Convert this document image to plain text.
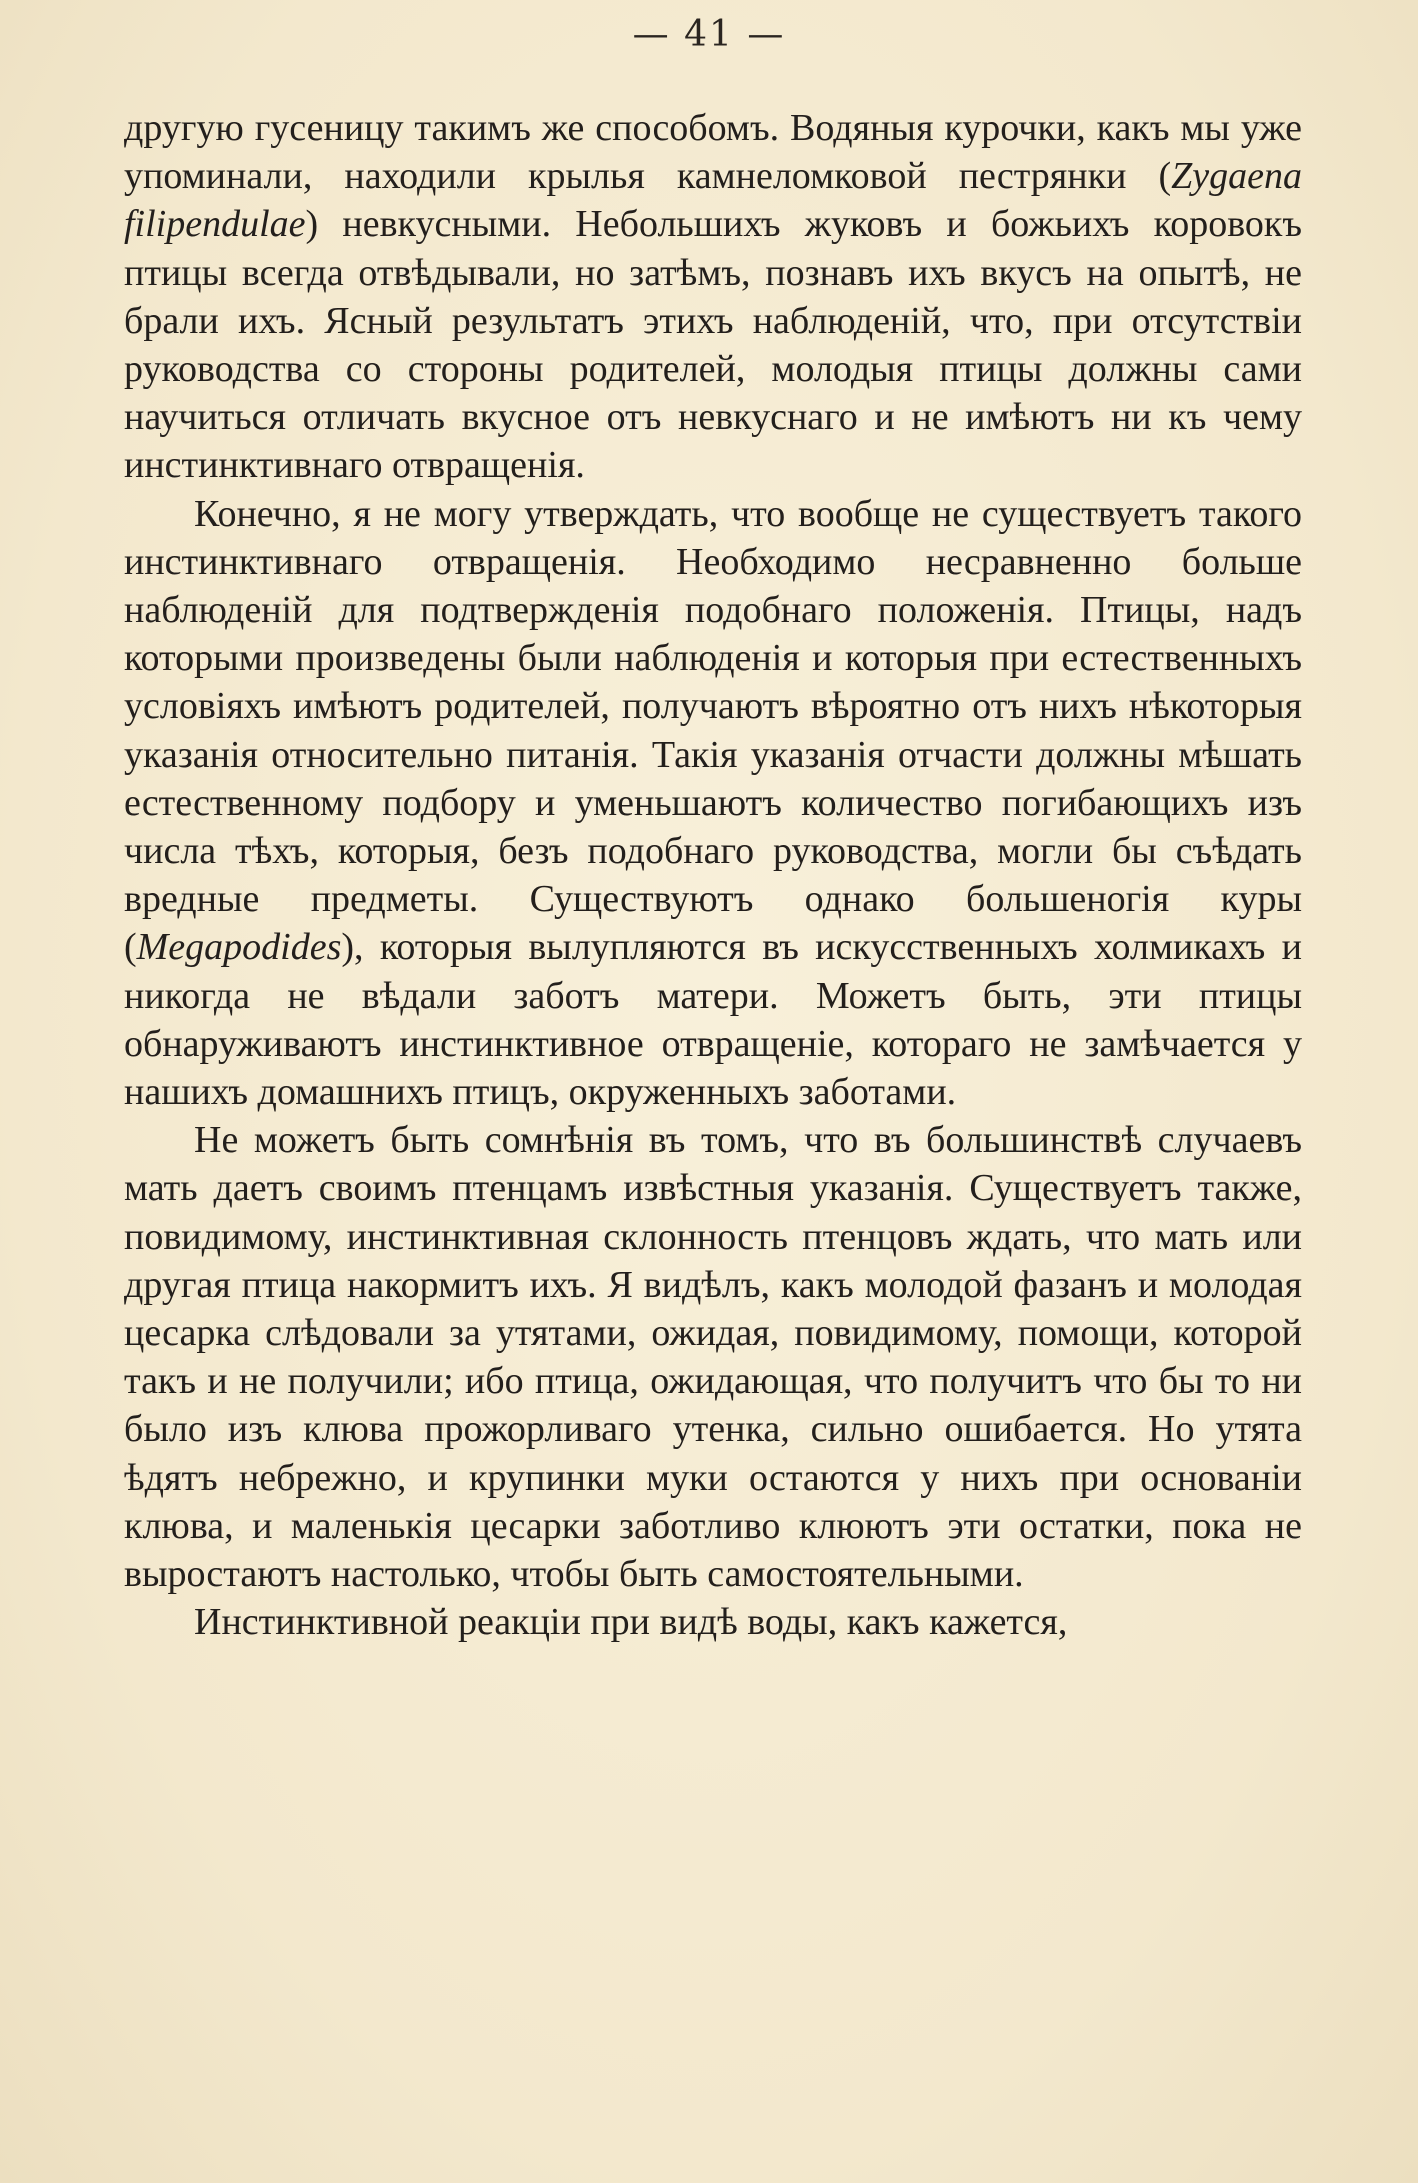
— 41 —

другую гусеницу такимъ же способомъ. Водяныя курочки, какъ мы уже упоминали, находили крылья камнеломковой пестрянки (Zygaena filipendulae) невкусными. Небольшихъ жуковъ и божьихъ коровокъ птицы всегда отвѣдывали, но затѣмъ, познавъ ихъ вкусъ на опытѣ, не брали ихъ. Ясный результатъ этихъ наблюденій, что, при отсутствіи руководства со стороны родителей, молодыя птицы должны сами научиться отличать вкусное отъ невкуснаго и не имѣютъ ни къ чему инстинктивнаго отвращенія.

Конечно, я не могу утверждать, что вообще не существуетъ такого инстинктивнаго отвращенія. Необходимо несравненно больше наблюденій для подтвержденія подобнаго положенія. Птицы, надъ которыми произведены были наблюденія и которыя при естественныхъ условіяхъ имѣютъ родителей, получаютъ вѣроятно отъ нихъ нѣкоторыя указанія относительно питанія. Такія указанія отчасти должны мѣшать естественному подбору и уменьшаютъ количество погибающихъ изъ числа тѣхъ, которыя, безъ подобнаго руководства, могли бы съѣдать вредные предметы. Существуютъ однако большеногія куры (Megapodides), которыя вылупляются въ искусственныхъ холмикахъ и никогда не вѣдали заботъ матери. Можетъ быть, эти птицы обнаруживаютъ инстинктивное отвращеніе, котораго не замѣчается у нашихъ домашнихъ птицъ, окруженныхъ заботами.

Не можетъ быть сомнѣнія въ томъ, что въ большинствѣ случаевъ мать даетъ своимъ птенцамъ извѣстныя указанія. Существуетъ также, повидимому, инстинктивная склонность птенцовъ ждать, что мать или другая птица накормитъ ихъ. Я видѣлъ, какъ молодой фазанъ и молодая цесарка слѣдовали за утятами, ожидая, повидимому, помощи, которой такъ и не получили; ибо птица, ожидающая, что получитъ что бы то ни было изъ клюва прожорливаго утенка, сильно ошибается. Но утята ѣдятъ небрежно, и крупинки муки остаются у нихъ при основаніи клюва, и маленькія цесарки заботливо клюютъ эти остатки, пока не выростаютъ настолько, чтобы быть самостоятельными.

Инстинктивной реакціи при видѣ воды, какъ кажется,
